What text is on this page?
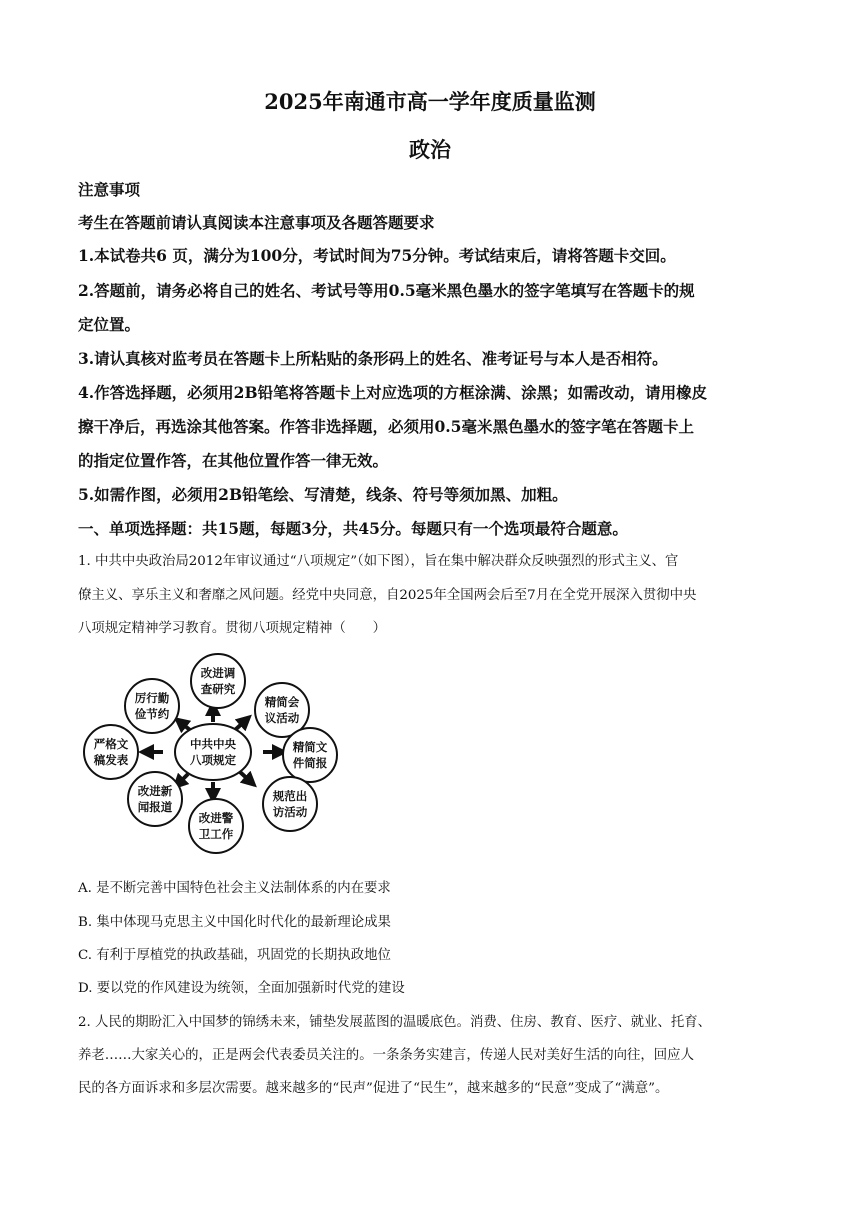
2025年南通市高一学年度质量监测
政治
注意事项
考生在答题前请认真阅读本注意事项及各题答题要求
1.本试卷共6 页，满分为100分，考试时间为75分钟。考试结束后，请将答题卡交回。
2.答题前，请务必将自己的姓名、考试号等用0.5毫米黑色墨水的签字笔填写在答题卡的规
定位置。
3.请认真核对监考员在答题卡上所粘贴的条形码上的姓名、准考证号与本人是否相符。
4.作答选择题，必须用2B铅笔将答题卡上对应选项的方框涂满、涂黑；如需改动，请用橡皮
擦干净后，再选涂其他答案。作答非选择题，必须用0.5毫米黑色墨水的签字笔在答题卡上
的指定位置作答，在其他位置作答一律无效。
5.如需作图，必须用2B铅笔绘、写清楚，线条、符号等须加黑、加粗。
一、单项选择题：共15题，每题3分，共45分。每题只有一个选项最符合题意。
1. 中共中央政治局2012年审议通过“八项规定”（如下图），旨在集中解决群众反映强烈的形式主义、官
僚主义、享乐主义和奢靡之风问题。经党中央同意，自2025年全国两会后至7月在全党开展深入贯彻中央
八项规定精神学习教育。贯彻八项规定精神（　　）
中共中央
八项规定
改进调
查研究
精简会
议活动
精简文
件简报
规范出
访活动
改进警
卫工作
改进新
闻报道
严格文
稿发表
厉行勤
俭节约
A. 是不断完善中国特色社会主义法制体系的内在要求
B. 集中体现马克思主义中国化时代化的最新理论成果
C. 有利于厚植党的执政基础，巩固党的长期执政地位
D. 要以党的作风建设为统领，全面加强新时代党的建设
2. 人民的期盼汇入中国梦的锦绣未来，铺垫发展蓝图的温暖底色。消费、住房、教育、医疗、就业、托育、
养老……大家关心的，正是两会代表委员关注的。一条条务实建言，传递人民对美好生活的向往，回应人
民的各方面诉求和多层次需要。越来越多的“民声”促进了“民生”，越来越多的“民意”变成了“满意”。
